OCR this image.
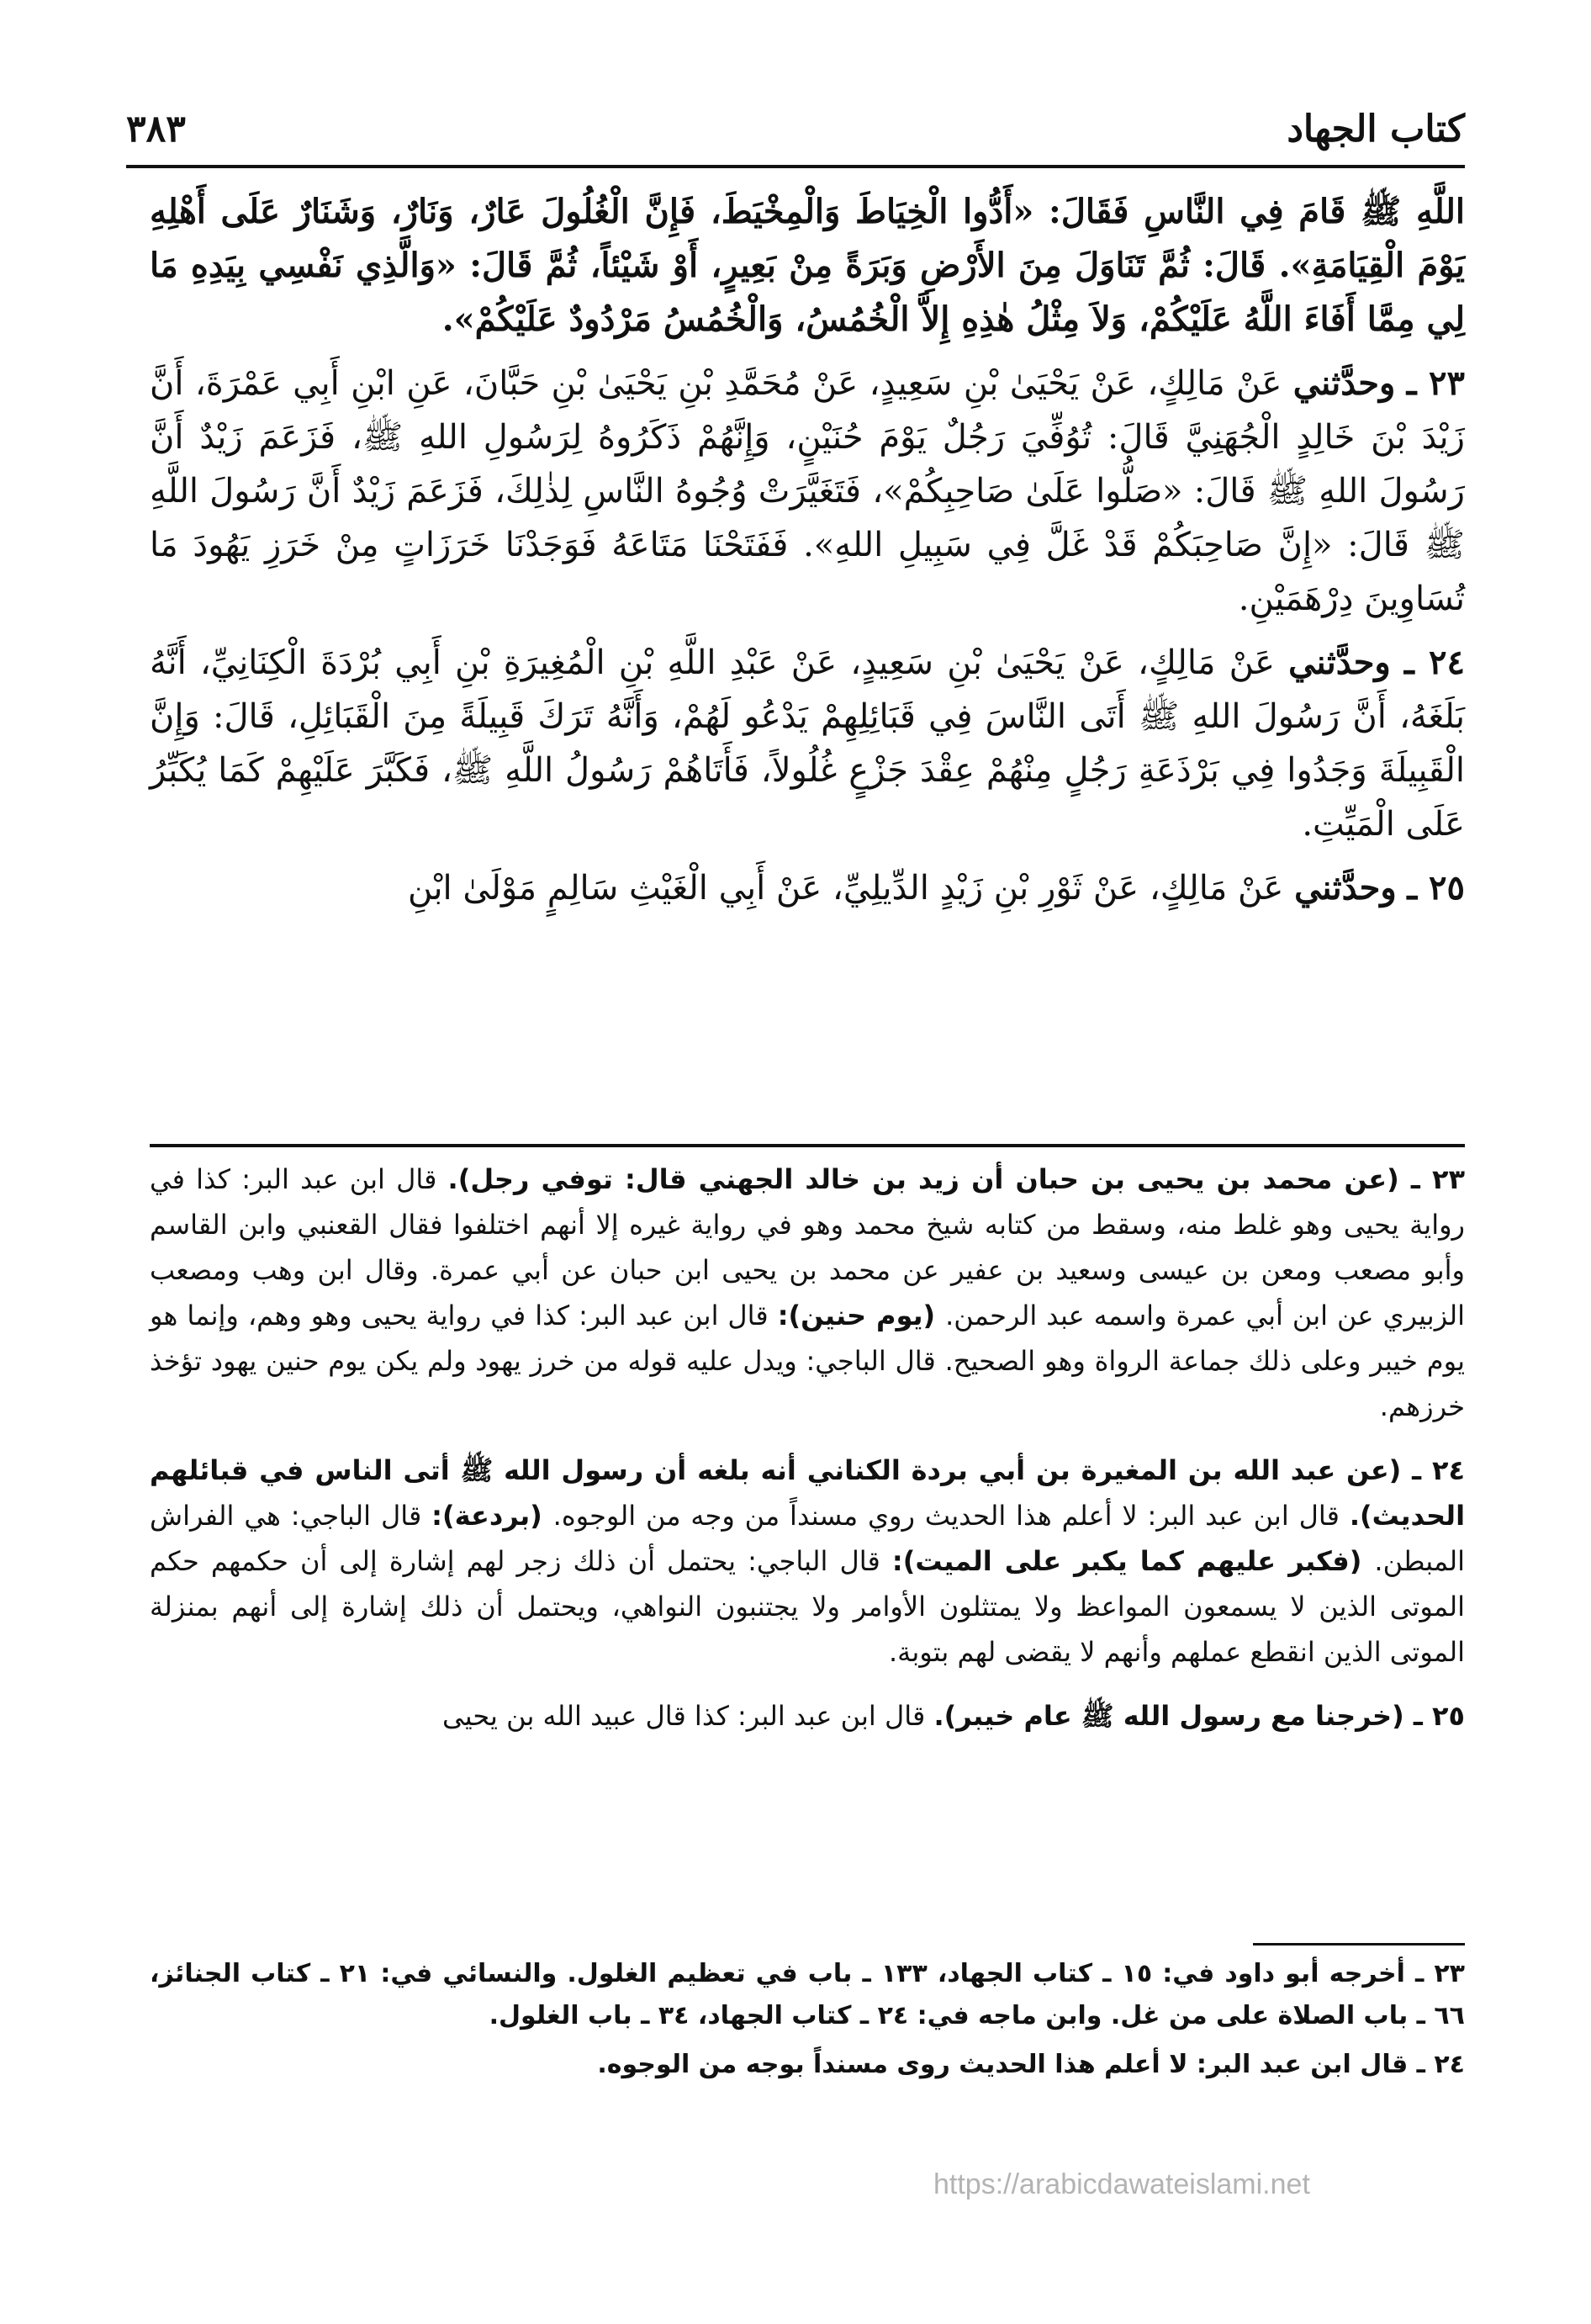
كتاب الجهاد
٣٨٣

اللَّهِ ﷺ قَامَ فِي النَّاسِ فَقَالَ: «أَدُّوا الْخِيَاطَ وَالْمِخْيَطَ، فَإِنَّ الْغُلُولَ عَارٌ، وَنَارٌ، وَشَنَارٌ عَلَى أَهْلِهِ يَوْمَ الْقِيَامَةِ». قَالَ: ثُمَّ تَنَاوَلَ مِنَ الأَرْضِ وَبَرَةً مِنْ بَعِيرٍ، أَوْ شَيْئاً، ثُمَّ قَالَ: «وَالَّذِي نَفْسِي بِيَدِهِ مَا لِي مِمَّا أَفَاءَ اللَّهُ عَلَيْكُمْ، وَلاَ مِثْلُ هٰذِهِ إِلاَّ الْخُمُسُ، وَالْخُمُسُ مَرْدُودٌ عَلَيْكُمْ».

٢٣ ـ وحدَّثني عَنْ مَالِكٍ، عَنْ يَحْيَىٰ بْنِ سَعِيدٍ، عَنْ مُحَمَّدِ بْنِ يَحْيَىٰ بْنِ حَبَّانَ، عَنِ ابْنِ أَبِي عَمْرَةَ، أَنَّ زَيْدَ بْنَ خَالِدٍ الْجُهَنِيَّ قَالَ: تُوُفِّيَ رَجُلٌ يَوْمَ حُنَيْنٍ، وَإِنَّهُمْ ذَكَرُوهُ لِرَسُولِ اللهِ ﷺ، فَزَعَمَ زَيْدٌ أَنَّ رَسُولَ اللهِ ﷺ قَالَ: «صَلُّوا عَلَىٰ صَاحِبِكُمْ»، فَتَغَيَّرَتْ وُجُوهُ النَّاسِ لِذٰلِكَ، فَزَعَمَ زَيْدٌ أَنَّ رَسُولَ اللَّهِ ﷺ قَالَ: «إِنَّ صَاحِبَكُمْ قَدْ غَلَّ فِي سَبِيلِ اللهِ». فَفَتَحْنَا مَتَاعَهُ فَوَجَدْنَا خَرَزَاتٍ مِنْ خَرَزِ يَهُودَ مَا تُسَاوِينَ دِرْهَمَيْنِ.

٢٤ ـ وحدَّثني عَنْ مَالِكٍ، عَنْ يَحْيَىٰ بْنِ سَعِيدٍ، عَنْ عَبْدِ اللَّهِ بْنِ الْمُغِيرَةِ بْنِ أَبِي بُرْدَةَ الْكِنَانِيِّ، أَنَّهُ بَلَغَهُ، أَنَّ رَسُولَ اللهِ ﷺ أَتَى النَّاسَ فِي قَبَائِلِهِمْ يَدْعُو لَهُمْ، وَأَنَّهُ تَرَكَ قَبِيلَةً مِنَ الْقَبَائِلِ، قَالَ: وَإِنَّ الْقَبِيلَةَ وَجَدُوا فِي بَرْذَعَةِ رَجُلٍ مِنْهُمْ عِقْدَ جَزْعٍ غُلُولاً، فَأَتَاهُمْ رَسُولُ اللَّهِ ﷺ، فَكَبَّرَ عَلَيْهِمْ كَمَا يُكَبِّرُ عَلَى الْمَيِّتِ.

٢٥ ـ وحدَّثني عَنْ مَالِكٍ، عَنْ ثَوْرِ بْنِ زَيْدٍ الدِّيلِيِّ، عَنْ أَبِي الْغَيْثِ سَالِمٍ مَوْلَىٰ ابْنِ

٢٣ ـ (عن محمد بن يحيى بن حبان أن زيد بن خالد الجهني قال: توفي رجل). قال ابن عبد البر: كذا في رواية يحيى وهو غلط منه، وسقط من كتابه شيخ محمد وهو في رواية غيره إلا أنهم اختلفوا فقال القعنبي وابن القاسم وأبو مصعب ومعن بن عيسى وسعيد بن عفير عن محمد بن يحيى ابن حبان عن أبي عمرة. وقال ابن وهب ومصعب الزبيري عن ابن أبي عمرة واسمه عبد الرحمن. (يوم حنين): قال ابن عبد البر: كذا في رواية يحيى وهو وهم، وإنما هو يوم خيبر وعلى ذلك جماعة الرواة وهو الصحيح. قال الباجي: ويدل عليه قوله من خرز يهود ولم يكن يوم حنين يهود تؤخذ خرزهم.

٢٤ ـ (عن عبد الله بن المغيرة بن أبي بردة الكناني أنه بلغه أن رسول الله ﷺ أتى الناس في قبائلهم الحديث). قال ابن عبد البر: لا أعلم هذا الحديث روي مسنداً من وجه من الوجوه. (بردعة): قال الباجي: هي الفراش المبطن. (فكبر عليهم كما يكبر على الميت): قال الباجي: يحتمل أن ذلك زجر لهم إشارة إلى أن حكمهم حكم الموتى الذين لا يسمعون المواعظ ولا يمتثلون الأوامر ولا يجتنبون النواهي، ويحتمل أن ذلك إشارة إلى أنهم بمنزلة الموتى الذين انقطع عملهم وأنهم لا يقضى لهم بتوبة.

٢٥ ـ (خرجنا مع رسول الله ﷺ عام خيبر). قال ابن عبد البر: كذا قال عبيد الله بن يحيى

٢٣ ـ أخرجه أبو داود في: ١٥ ـ كتاب الجهاد، ١٣٣ ـ باب في تعظيم الغلول. والنسائي في: ٢١ ـ كتاب الجنائز، ٦٦ ـ باب الصلاة على من غل. وابن ماجه في: ٢٤ ـ كتاب الجهاد، ٣٤ ـ باب الغلول.

٢٤ ـ قال ابن عبد البر: لا أعلم هذا الحديث روى مسنداً بوجه من الوجوه.

https://arabicdawateislami.net
